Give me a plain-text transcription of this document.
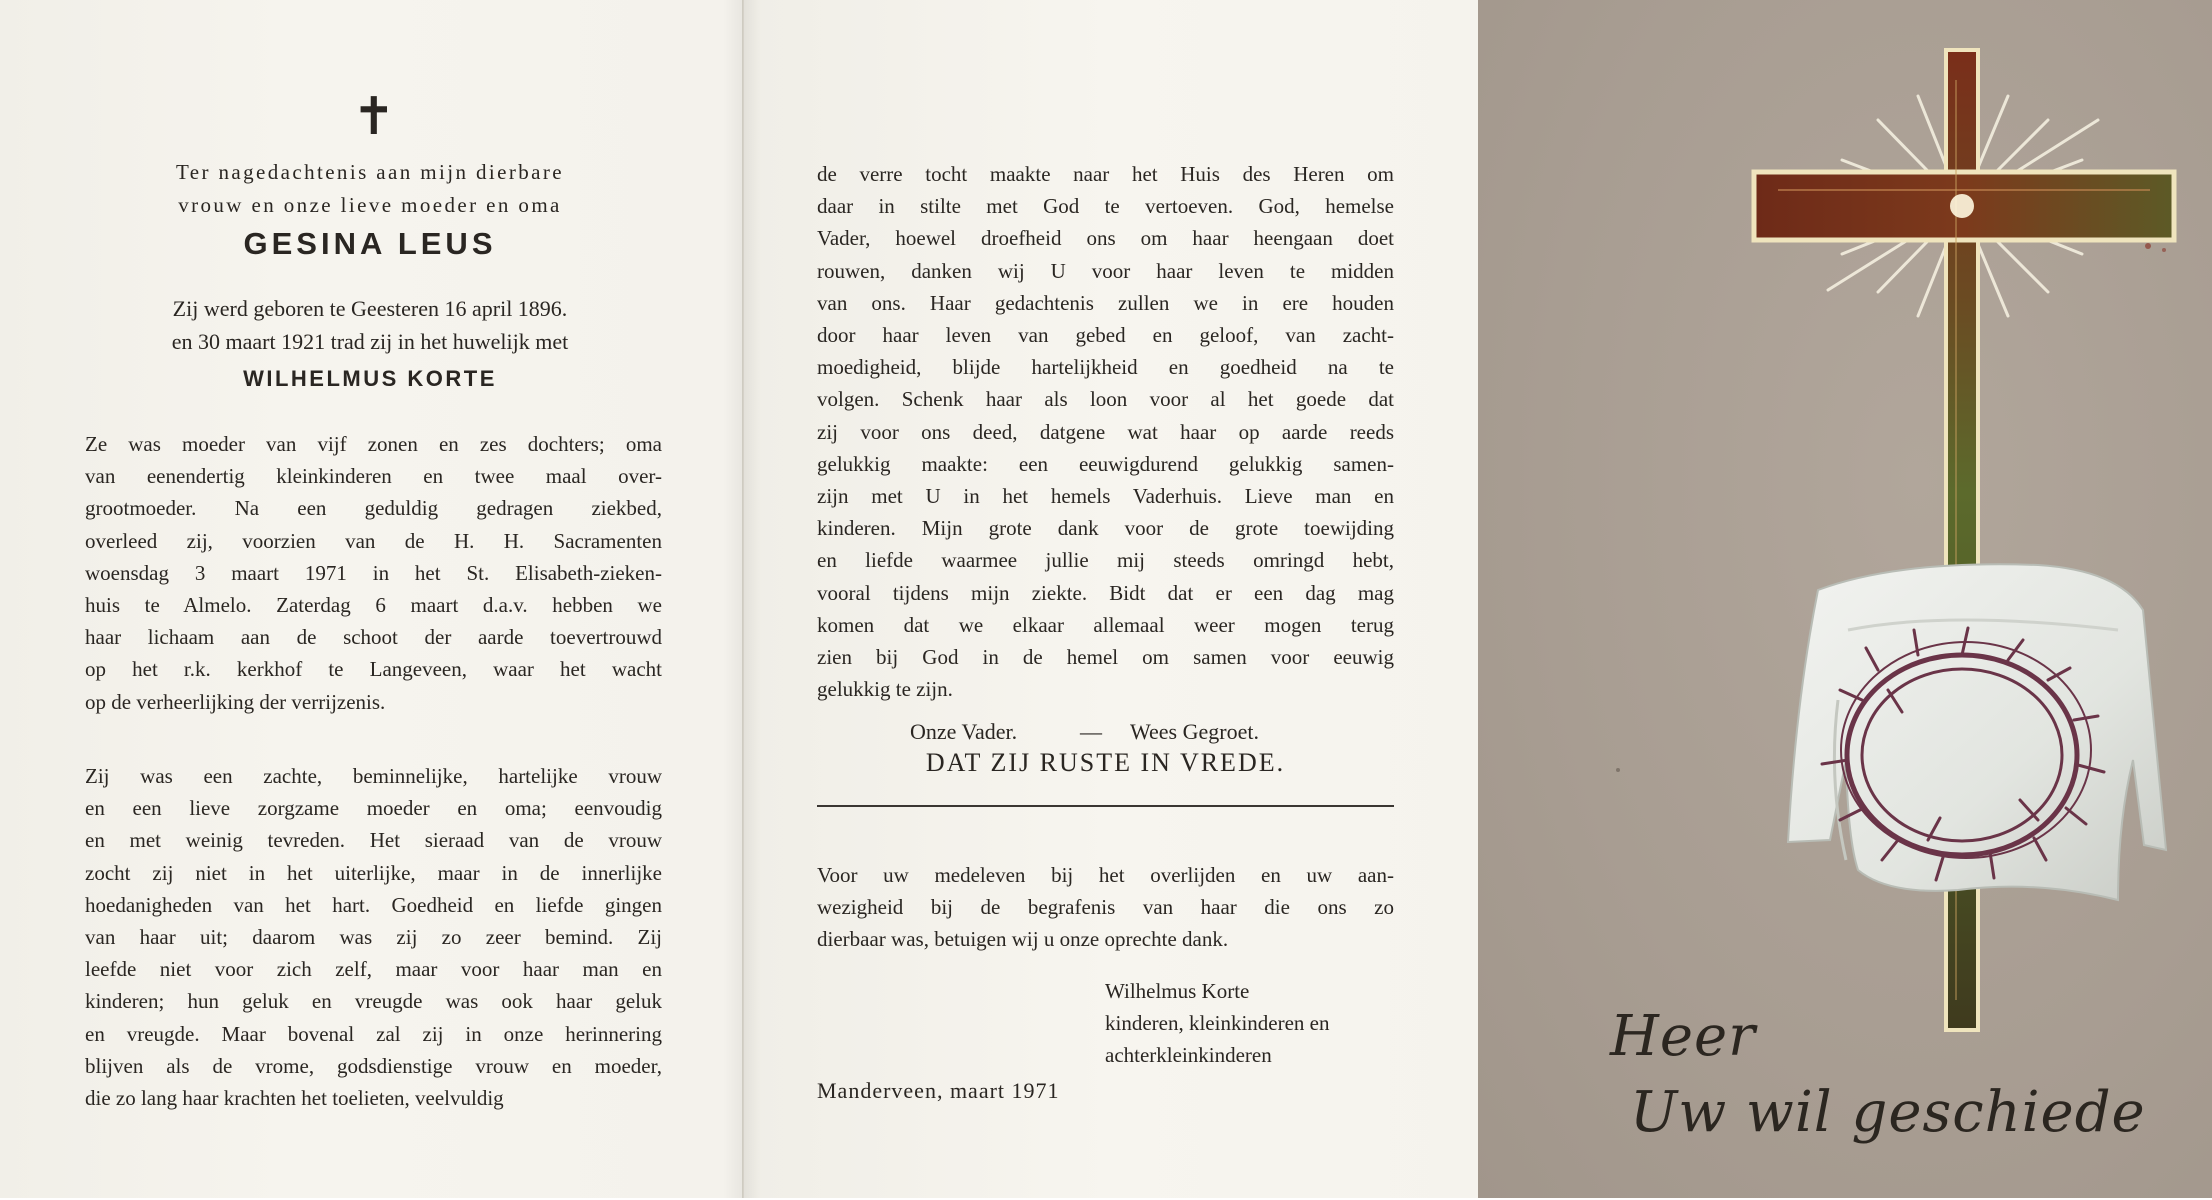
✝
Ter nagedachtenis aan mijn dierbare
vrouw en onze lieve moeder en oma
GESINA LEUS
Zij werd geboren te Geesteren 16 april 1896.
en 30 maart 1921 trad zij in het huwelijk met
WILHELMUS KORTE
Ze was moeder van vijf zonen en zes dochters; oma
van eenendertig kleinkinderen en twee maal over-
grootmoeder. Na een geduldig gedragen ziekbed,
overleed zij, voorzien van de H. H. Sacramenten
woensdag 3 maart 1971 in het St. Elisabeth-zieken-
huis te Almelo. Zaterdag 6 maart d.a.v. hebben we
haar lichaam aan de schoot der aarde toevertrouwd
op het r.k. kerkhof te Langeveen, waar het wacht
op de verheerlijking der verrijzenis.
Zij was een zachte, beminnelijke, hartelijke vrouw
en een lieve zorgzame moeder en oma; eenvoudig
en met weinig tevreden. Het sieraad van de vrouw
zocht zij niet in het uiterlijke, maar in de innerlijke
hoedanigheden van het hart. Goedheid en liefde gingen
van haar uit; daarom was zij zo zeer bemind. Zij
leefde niet voor zich zelf, maar voor haar man en
kinderen; hun geluk en vreugde was ook haar geluk
en vreugde. Maar bovenal zal zij in onze herinnering
blijven als de vrome, godsdienstige vrouw en moeder,
die zo lang haar krachten het toelieten, veelvuldig
de verre tocht maakte naar het Huis des Heren om
daar in stilte met God te vertoeven. God, hemelse
Vader, hoewel droefheid ons om haar heengaan doet
rouwen, danken wij U voor haar leven te midden
van ons. Haar gedachtenis zullen we in ere houden
door haar leven van gebed en geloof, van zacht-
moedigheid, blijde hartelijkheid en goedheid na te
volgen. Schenk haar als loon voor al het goede dat
zij voor ons deed, datgene wat haar op aarde reeds
gelukkig maakte: een eeuwigdurend gelukkig samen-
zijn met U in het hemels Vaderhuis. Lieve man en
kinderen. Mijn grote dank voor de grote toewijding
en liefde waarmee jullie mij steeds omringd hebt,
vooral tijdens mijn ziekte. Bidt dat er een dag mag
komen dat we elkaar allemaal weer mogen terug
zien bij God in de hemel om samen voor eeuwig
gelukkig te zijn.
Onze Vader.	— Wees Gegroet.
DAT ZIJ RUSTE IN VREDE.
Voor uw medeleven bij het overlijden en uw aan-
wezigheid bij de begrafenis van haar die ons zo
dierbaar was, betuigen wij u onze oprechte dank.
Wilhelmus Korte
kinderen, kleinkinderen en
achterkleinkinderen
Manderveen, maart 1971
Heer
Uw wil geschiede
